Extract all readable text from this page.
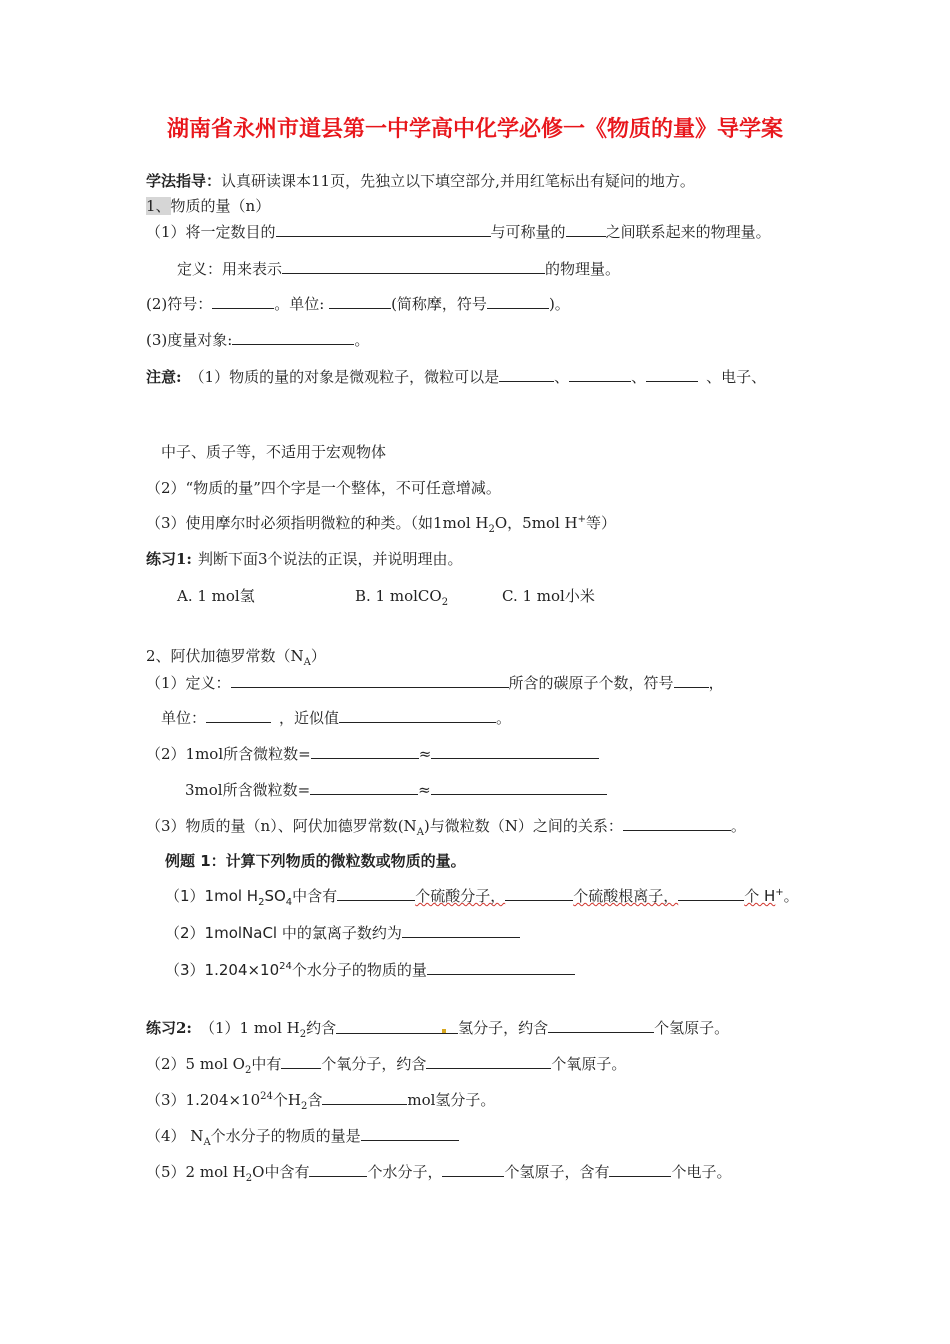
湖南省永州市道县第一中学高中化学必修一《物质的量》导学案
学法指导：认真研读课本11页，先独立以下填空部分,并用红笔标出有疑问的地方。
1、物质的量（n）
（1）将一定数目的	与可称量的	之间联系起来的物理量。
定义：用来表示	的物理量。
(2)符号：	。单位:	(简称摩，符号	)。
(3)度量对象:	。
注意: （1）物质的量的对象是微观粒子，微粒可以是	、	、	、电子、
中子、质子等，不适用于宏观物体
（2）“物质的量”四个字是一个整体，不可任意增减。
（3）使用摩尔时必须指明微粒的种类。（如1mol $H_2O$，5mol H+等）
练习1: 判断下面3个说法的正误，并说明理由。
A. 1 mol氢	B. 1 molCO$_2$	C. 1 mol小米
2、阿伏加德罗常数$(N_A)$
（1）定义：	所含的碳原子个数，符号 ，
单位：	，近似值	。
（2）1mol所含微粒数=	≈
3mol所含微粒数=	≈
（3）物质的量（n）、阿伏加德罗常数$(N_A)$与微粒数（N）之间的关系：	。
例题 1：计算下列物质的微粒数或物质的量。
（1）1mol $H_2SO_4$中含有	个硫酸分子，	个硫酸根离子，	个 H+。
（2）1molNaCl 中的氯离子数约为
$(3)1.204\times 10^{24}$个水分子的物质的量
练习2: （1）1 mol $H_2$约含	氢分子，约含	个氢原子。
（2）5 mol $O_2$中有	个氧分子，约含	个氧原子。
$(3)1.204\times 10^{24}$个$H_2$含	mol氢分子。
（4） $N_A$个水分子的物质的量是
（5）2 mol $H_2O$中含有	个水分子，	个氢原子，含有	个电子。
